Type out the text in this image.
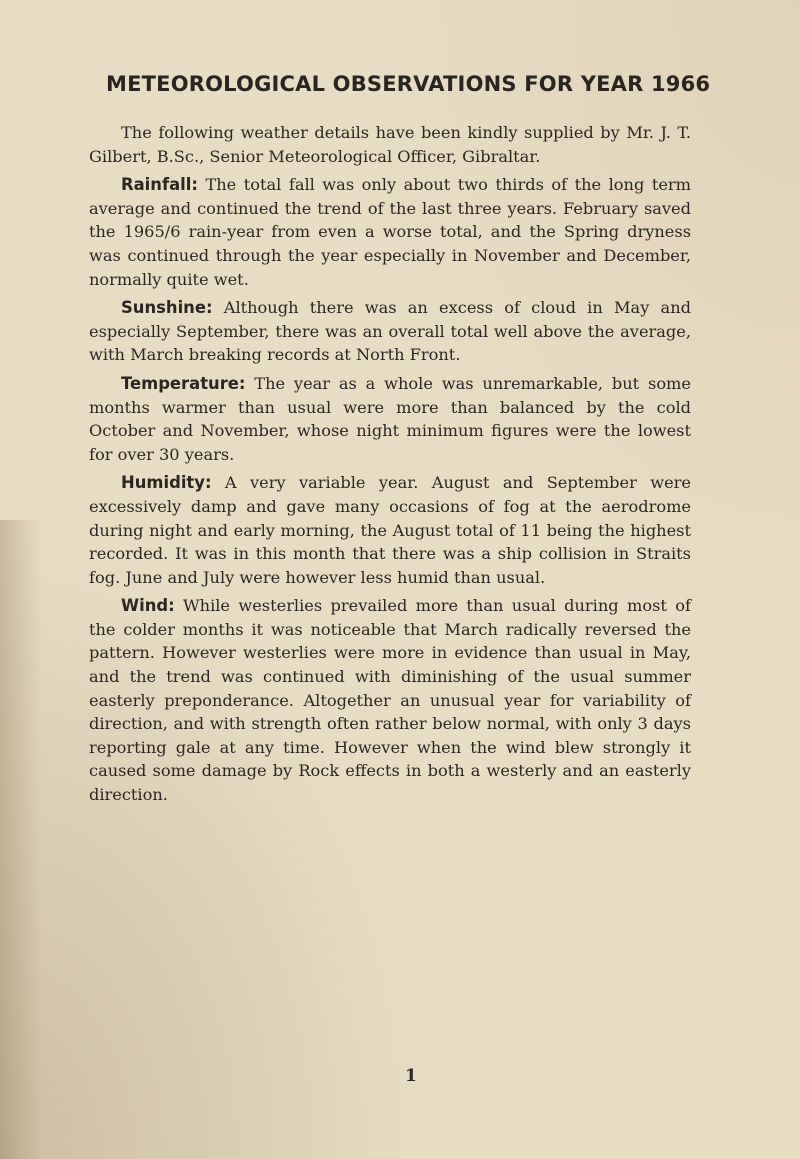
METEOROLOGICAL OBSERVATIONS FOR YEAR 1966

The following weather details have been kindly supplied by Mr. J. T. Gilbert, B.Sc., Senior Meteorological Officer, Gibraltar.

Rainfall: The total fall was only about two thirds of the long term average and continued the trend of the last three years. February saved the 1965/6 rain-year from even a worse total, and the Spring dryness was continued through the year especially in November and December, normally quite wet.

Sunshine: Although there was an excess of cloud in May and especially September, there was an overall total well above the average, with March breaking records at North Front.

Temperature: The year as a whole was unremarkable, but some months warmer than usual were more than balanced by the cold October and November, whose night minimum figures were the lowest for over 30 years.

Humidity: A very variable year. August and September were excessively damp and gave many occasions of fog at the aerodrome during night and early morning, the August total of 11 being the highest recorded. It was in this month that there was a ship collision in Straits fog. June and July were however less humid than usual.

Wind: While westerlies prevailed more than usual during most of the colder months it was noticeable that March radically reversed the pattern. However westerlies were more in evidence than usual in May, and the trend was continued with diminishing of the usual summer easterly preponderance. Altogether an unusual year for variability of direction, and with strength often rather below normal, with only 3 days reporting gale at any time. However when the wind blew strongly it caused some damage by Rock effects in both a westerly and an easterly direction.

1
